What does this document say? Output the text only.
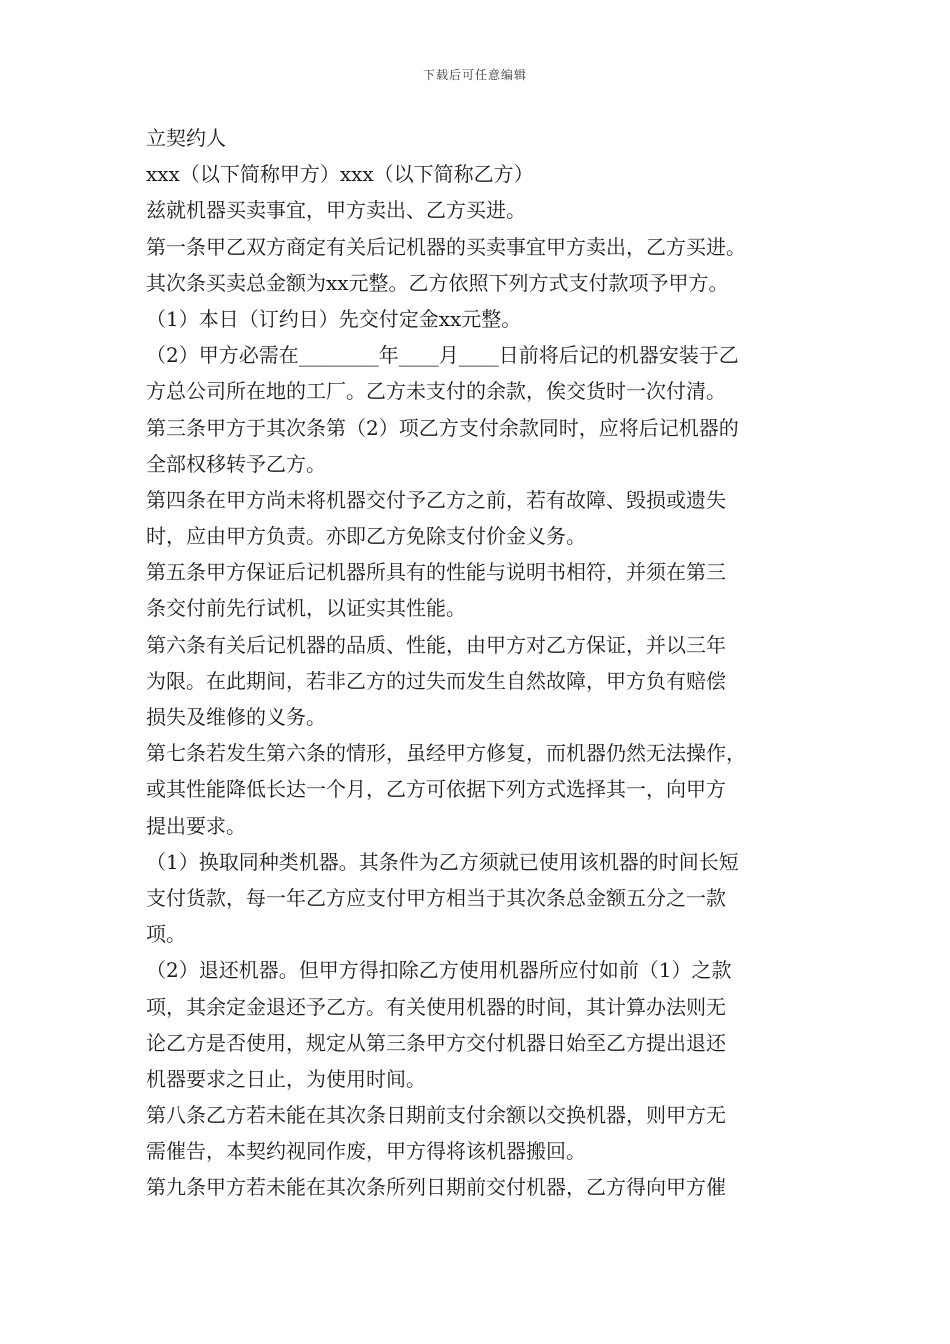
下载后可任意编辑
立契约人
xxx（以下简称甲方）xxx（以下简称乙方）
兹就机器买卖事宜，甲方卖出、乙方买进。
第一条甲乙双方商定有关后记机器的买卖事宜甲方卖出，乙方买进。
其次条买卖总金额为xx元整。乙方依照下列方式支付款项予甲方。
（1）本日（订约日）先交付定金xx元整。
（2）甲方必需在________年____月____日前将后记的机器安装于乙
方总公司所在地的工厂。乙方未支付的余款，俟交货时一次付清。
第三条甲方于其次条第（2）项乙方支付余款同时，应将后记机器的
全部权移转予乙方。
第四条在甲方尚未将机器交付予乙方之前，若有故障、毁损或遗失
时，应由甲方负责。亦即乙方免除支付价金义务。
第五条甲方保证后记机器所具有的性能与说明书相符，并须在第三
条交付前先行试机，以证实其性能。
第六条有关后记机器的品质、性能，由甲方对乙方保证，并以三年
为限。在此期间，若非乙方的过失而发生自然故障，甲方负有赔偿
损失及维修的义务。
第七条若发生第六条的情形，虽经甲方修复，而机器仍然无法操作，
或其性能降低长达一个月，乙方可依据下列方式选择其一，向甲方
提出要求。
（1）换取同种类机器。其条件为乙方须就已使用该机器的时间长短
支付货款，每一年乙方应支付甲方相当于其次条总金额五分之一款
项。
（2）退还机器。但甲方得扣除乙方使用机器所应付如前（1）之款
项，其余定金退还予乙方。有关使用机器的时间，其计算办法则无
论乙方是否使用，规定从第三条甲方交付机器日始至乙方提出退还
机器要求之日止，为使用时间。
第八条乙方若未能在其次条日期前支付余额以交换机器，则甲方无
需催告，本契约视同作废，甲方得将该机器搬回。
第九条甲方若未能在其次条所列日期前交付机器，乙方得向甲方催
